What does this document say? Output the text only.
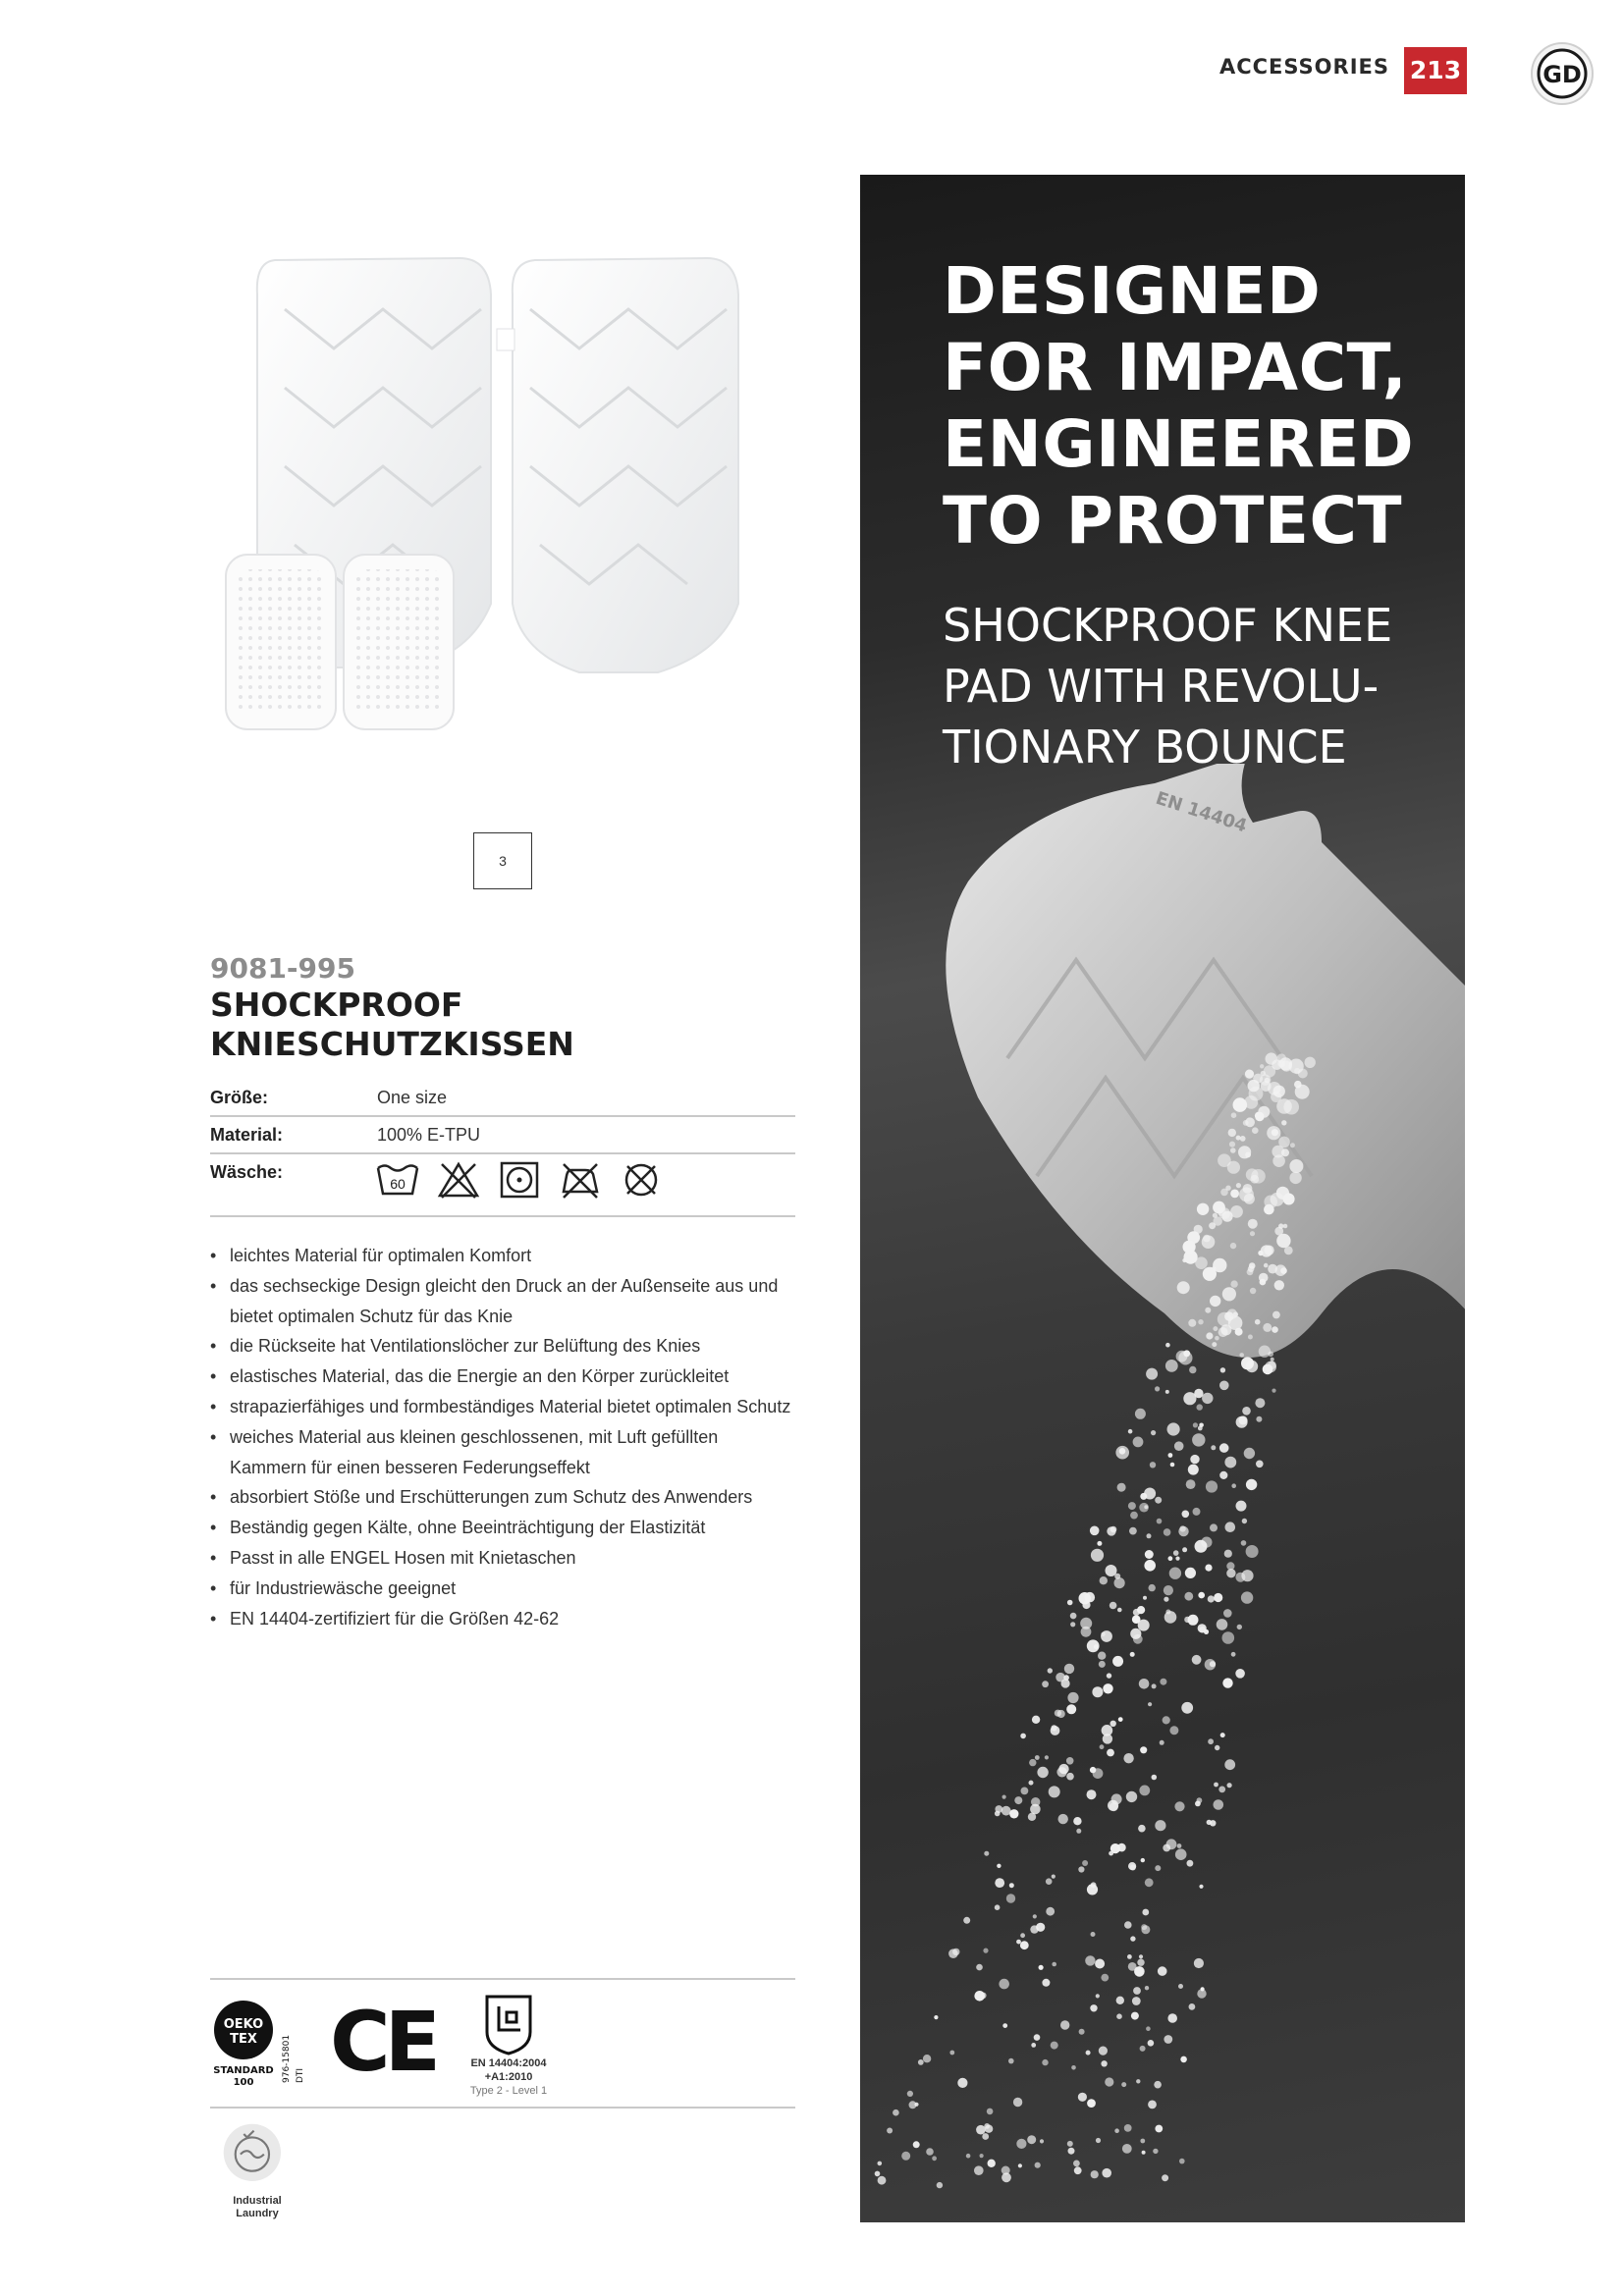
ACCESSORIES 213	GD
3
9081-995
SHOCKPROOF
KNIESCHUTZKISSEN
Größe:	One size
Material:	100% E-TPU
Wäsche:
60
• leichtes Material für optimalen Komfort
• das sechseckige Design gleicht den Druck an der Außenseite aus und bietet optimalen Schutz für das Knie
• die Rückseite hat Ventilationslöcher zur Belüftung des Knies
• elastisches Material, das die Energie an den Körper zurückleitet
• strapazierfähiges und formbeständiges Material bietet optimalen Schutz
• weiches Material aus kleinen geschlossenen, mit Luft gefüllten Kammern für einen besseren Federungseffekt
• absorbiert Stöße und Erschütterungen zum Schutz des Anwenders
• Beständig gegen Kälte, ohne Beeinträchtigung der Elastizität
• Passt in alle ENGEL Hosen mit Knietaschen
• für Industriewäsche geeignet
• EN 14404-zertifiziert für die Größen 42-62
OEKO
TEX
STANDARD
100	976-15801 DTI CE	EN 14404:2004
+A1:2010
Type 2 - Level 1
Industrial
Laundry
DESIGNED
FOR IMPACT,
ENGINEERED
TO PROTECT
SHOCKPROOF KNEE
PAD WITH REVOLU-
TIONARY BOUNCE
EN 14404
